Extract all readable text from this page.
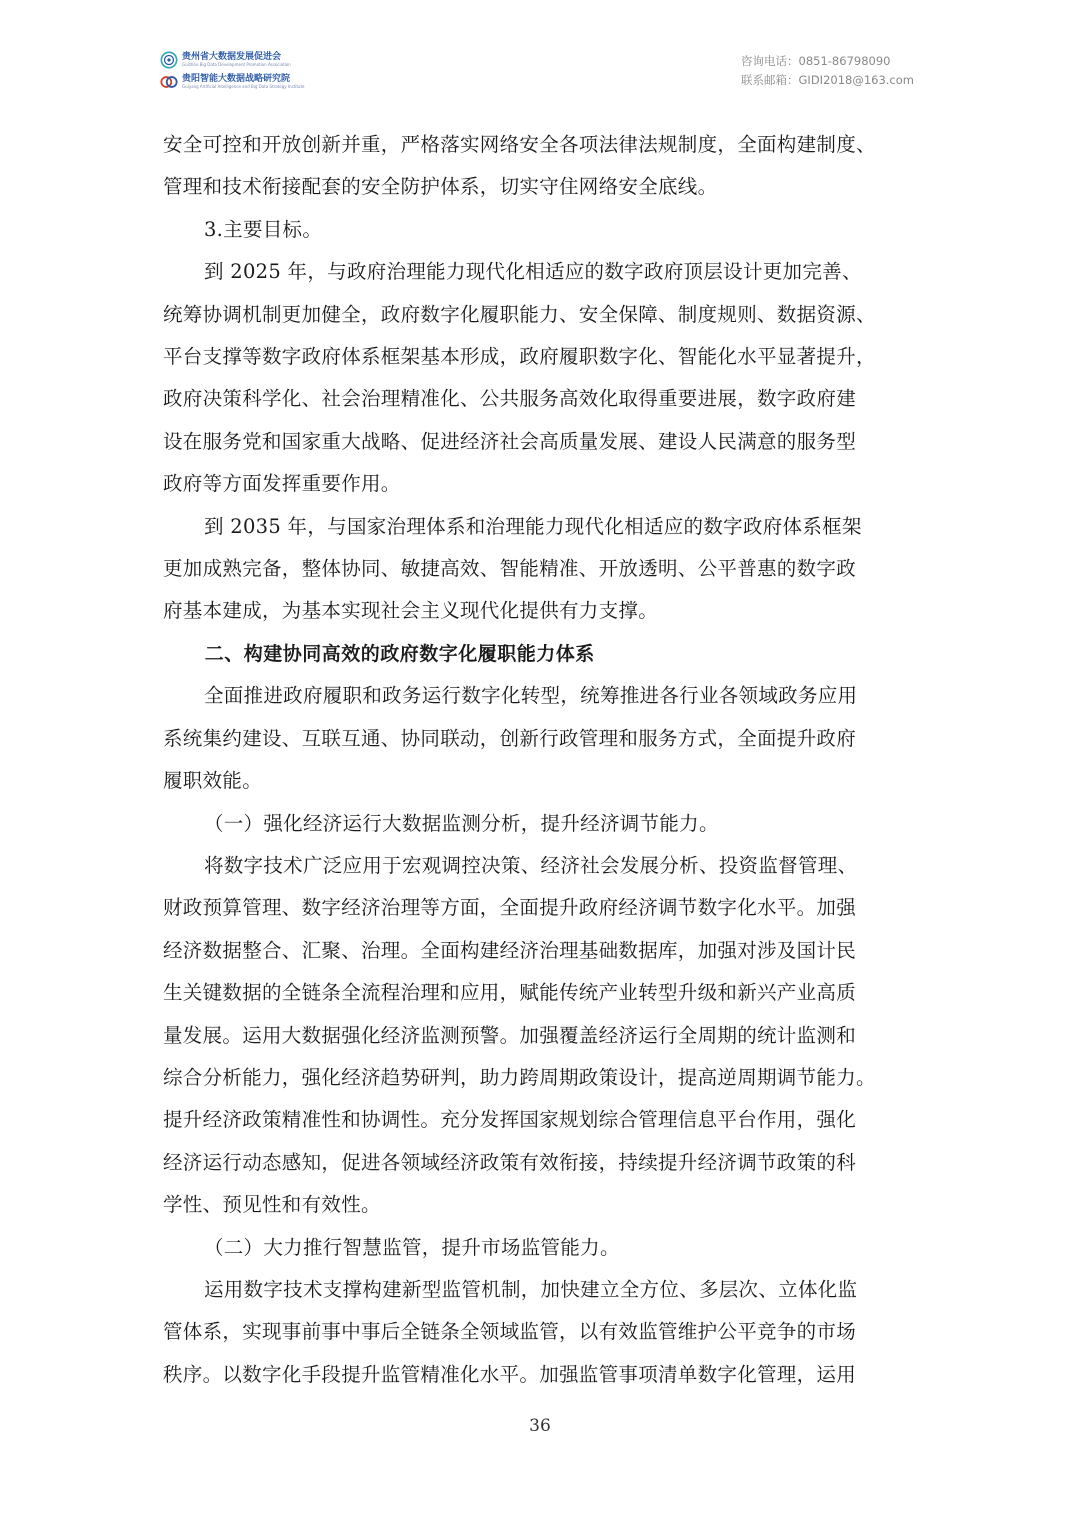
贵州省大数据发展促进会
Guizhou Big Data Development Promotion Association
贵阳智能大数据战略研究院
Guiyang Artificial Intelligence and Big Data Strategy Institute
咨询电话：0851-86798090
联系邮箱：GIDI2018@163.com

安全可控和开放创新并重，严格落实网络安全各项法律法规制度，全面构建制度、
管理和技术衔接配套的安全防护体系，切实守住网络安全底线。

3.主要目标。

到 2025 年，与政府治理能力现代化相适应的数字政府顶层设计更加完善、
统筹协调机制更加健全，政府数字化履职能力、安全保障、制度规则、数据资源、
平台支撑等数字政府体系框架基本形成，政府履职数字化、智能化水平显著提升，
政府决策科学化、社会治理精准化、公共服务高效化取得重要进展，数字政府建
设在服务党和国家重大战略、促进经济社会高质量发展、建设人民满意的服务型
政府等方面发挥重要作用。

到 2035 年，与国家治理体系和治理能力现代化相适应的数字政府体系框架
更加成熟完备，整体协同、敏捷高效、智能精准、开放透明、公平普惠的数字政
府基本建成，为基本实现社会主义现代化提供有力支撑。

二、构建协同高效的政府数字化履职能力体系

全面推进政府履职和政务运行数字化转型，统筹推进各行业各领域政务应用
系统集约建设、互联互通、协同联动，创新行政管理和服务方式，全面提升政府
履职效能。

（一）强化经济运行大数据监测分析，提升经济调节能力。

将数字技术广泛应用于宏观调控决策、经济社会发展分析、投资监督管理、
财政预算管理、数字经济治理等方面，全面提升政府经济调节数字化水平。加强
经济数据整合、汇聚、治理。全面构建经济治理基础数据库，加强对涉及国计民
生关键数据的全链条全流程治理和应用，赋能传统产业转型升级和新兴产业高质
量发展。运用大数据强化经济监测预警。加强覆盖经济运行全周期的统计监测和
综合分析能力，强化经济趋势研判，助力跨周期政策设计，提高逆周期调节能力。
提升经济政策精准性和协调性。充分发挥国家规划综合管理信息平台作用，强化
经济运行动态感知，促进各领域经济政策有效衔接，持续提升经济调节政策的科
学性、预见性和有效性。

（二）大力推行智慧监管，提升市场监管能力。

运用数字技术支撑构建新型监管机制，加快建立全方位、多层次、立体化监
管体系，实现事前事中事后全链条全领域监管，以有效监管维护公平竞争的市场
秩序。以数字化手段提升监管精准化水平。加强监管事项清单数字化管理，运用

36
